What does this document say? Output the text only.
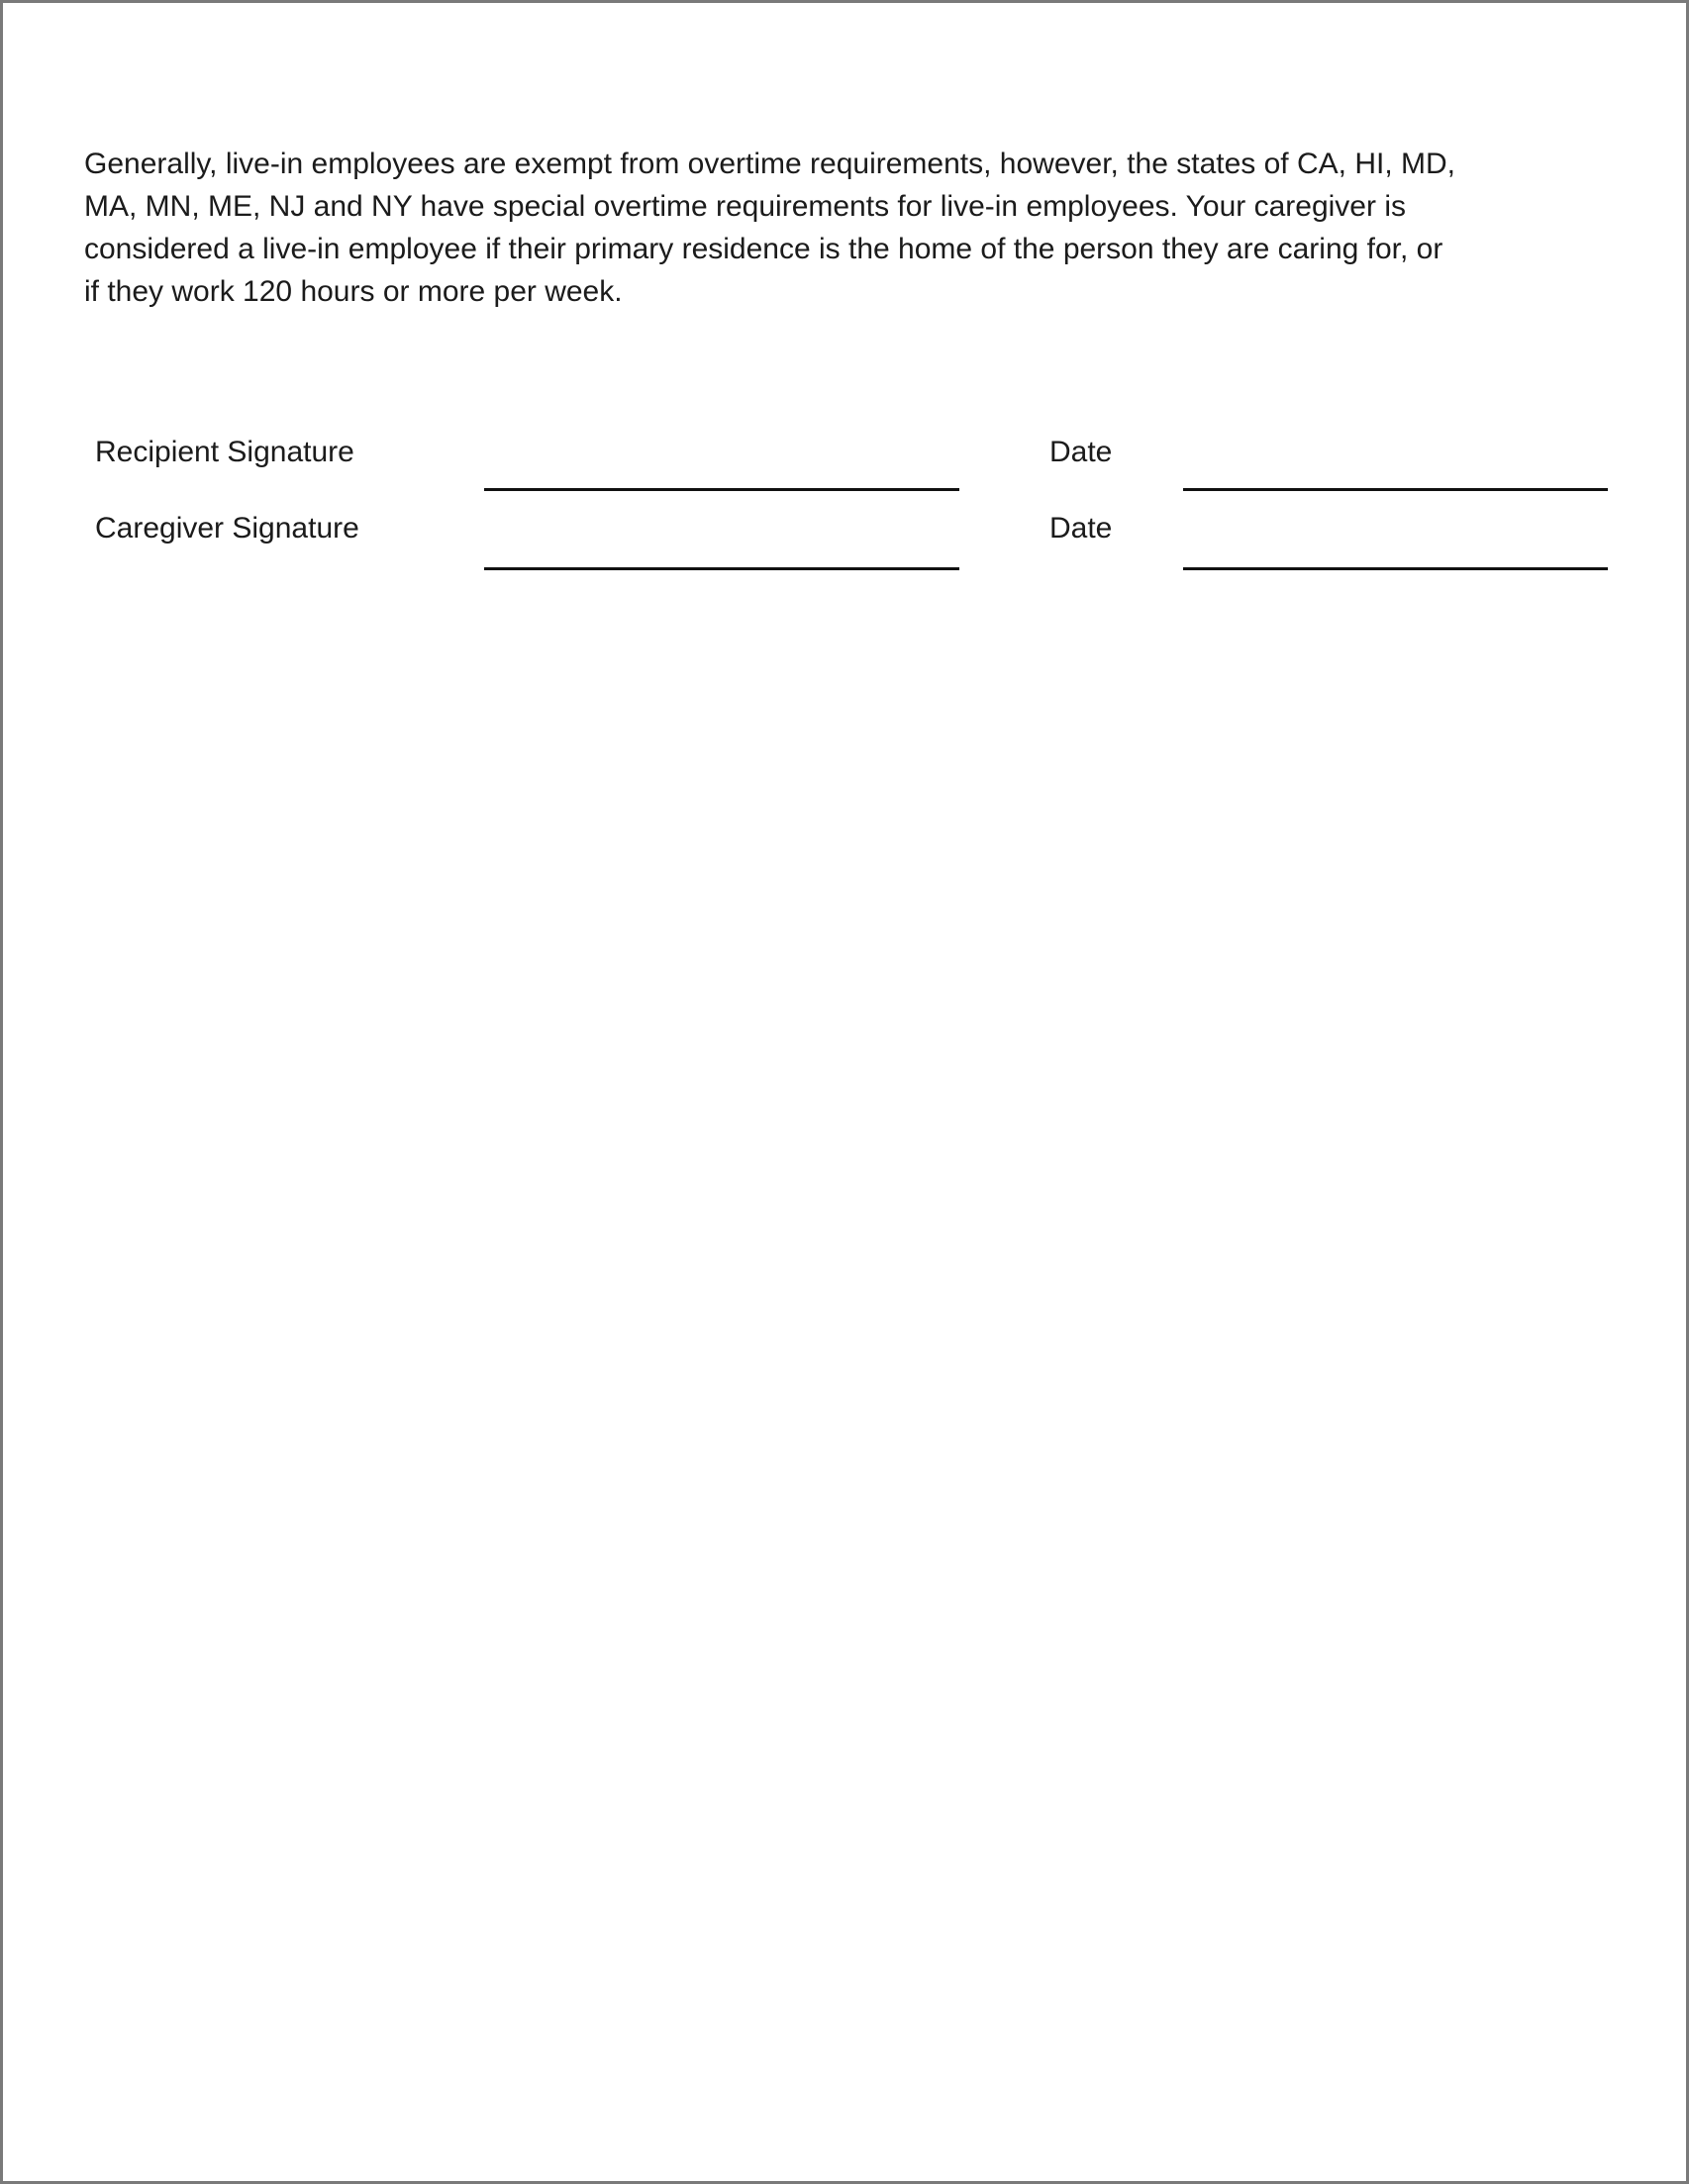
Generally, live-in employees are exempt from overtime requirements, however, the states of CA, HI, MD,
MA, MN, ME, NJ and NY have special overtime requirements for live-in employees. Your caregiver is
considered a live-in employee if their primary residence is the home of the person they are caring for, or
if they work 120 hours or more per week.
Recipient Signature	Date
Caregiver Signature	Date
